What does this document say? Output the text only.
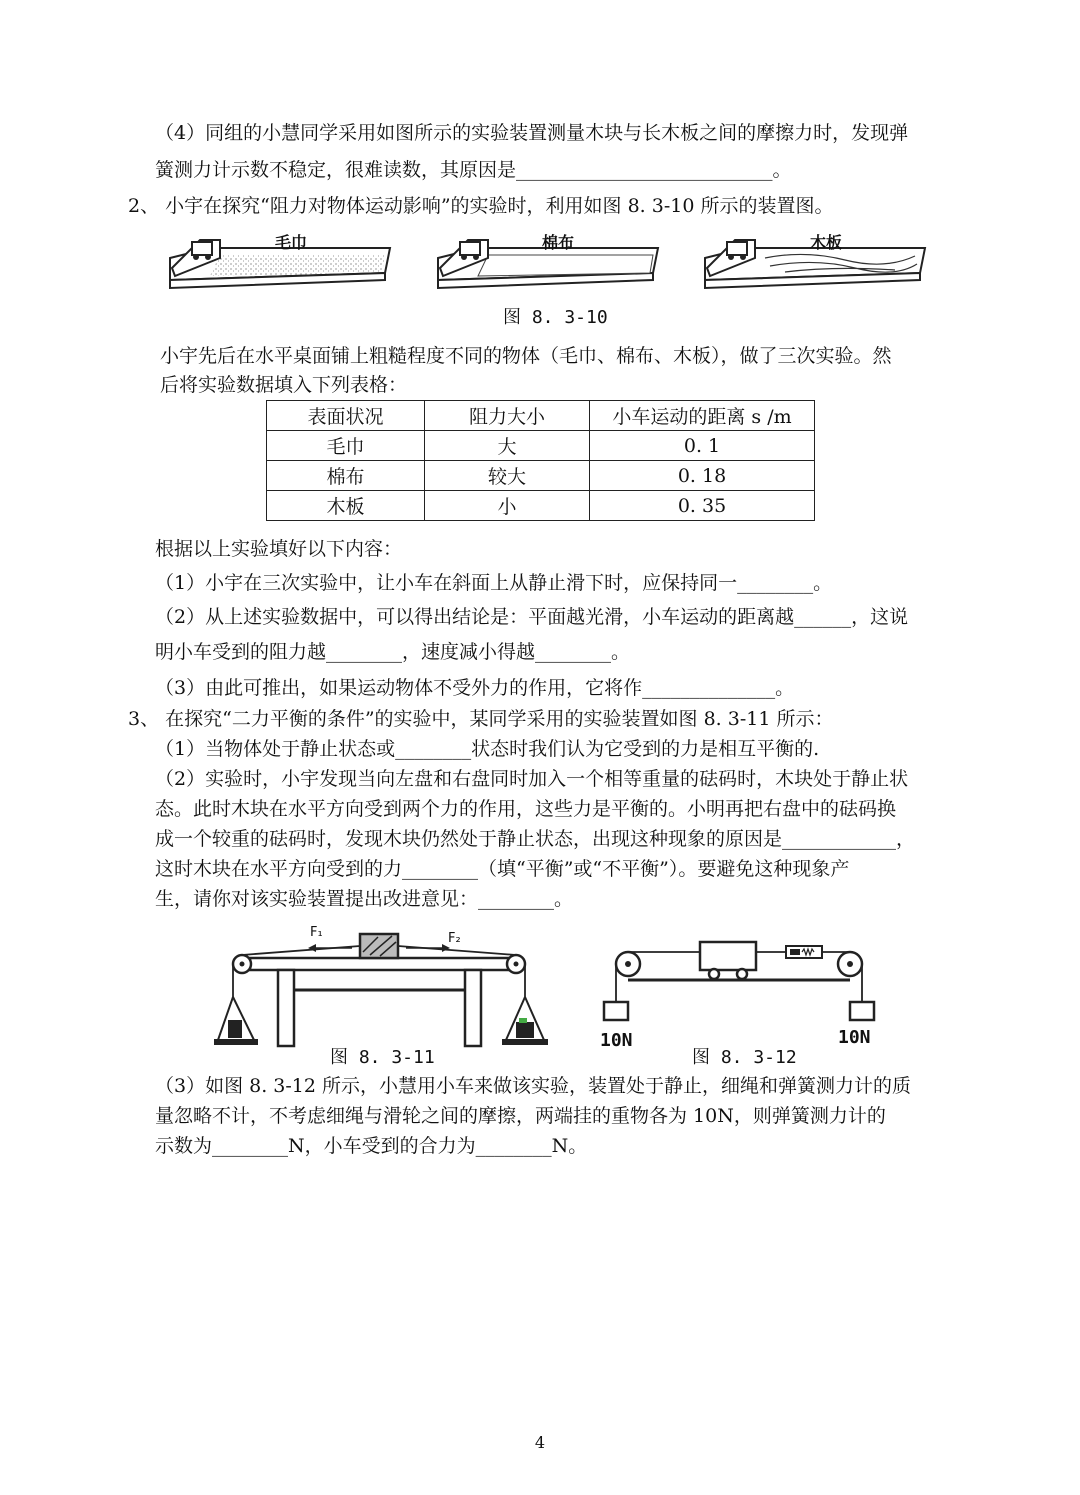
（4）同组的小慧同学采用如图所示的实验装置测量木块与长木板之间的摩擦力时，发现弹
簧测力计示数不稳定，很难读数，其原因是___________________________。
2、 小宇在探究“阻力对物体运动影响”的实验时，利用如图 8. 3-10 所示的装置图。
毛巾	棉布	木板
图 8. 3-10
小宇先后在水平桌面铺上粗糙程度不同的物体（毛巾、棉布、木板），做了三次实验。然
后将实验数据填入下列表格：
表面状况	阻力大小	小车运动的距离 s /m
毛巾	大	0. 1
棉布	较大	0. 18
木板	小	0. 35
根据以上实验填好以下内容：
（1）小宇在三次实验中，让小车在斜面上从静止滑下时，应保持同一________。
（2）从上述实验数据中，可以得出结论是：平面越光滑，小车运动的距离越______，这说
明小车受到的阻力越________，速度减小得越________。
（3）由此可推出，如果运动物体不受外力的作用，它将作______________。
3、 在探究“二力平衡的条件”的实验中，某同学采用的实验装置如图 8. 3-11 所示：
（1）当物体处于静止状态或________状态时我们认为它受到的力是相互平衡的.
（2）实验时，小宇发现当向左盘和右盘同时加入一个相等重量的砝码时，木块处于静止状
态。此时木块在水平方向受到两个力的作用，这些力是平衡的。小明再把右盘中的砝码换
成一个较重的砝码时，发现木块仍然处于静止状态，出现这种现象的原因是____________，
这时木块在水平方向受到的力________（填“平衡”或“不平衡”）。要避免这种现象产
生，请你对该实验装置提出改进意见：________。
F₁	F₂
图 8. 3-11
10N	10N
图 8. 3-12
（3）如图 8. 3-12 所示，小慧用小车来做该实验，装置处于静止，细绳和弹簧测力计的质
量忽略不计，不考虑细绳与滑轮之间的摩擦，两端挂的重物各为 10N，则弹簧测力计的
示数为________N，小车受到的合力为________N。
4
